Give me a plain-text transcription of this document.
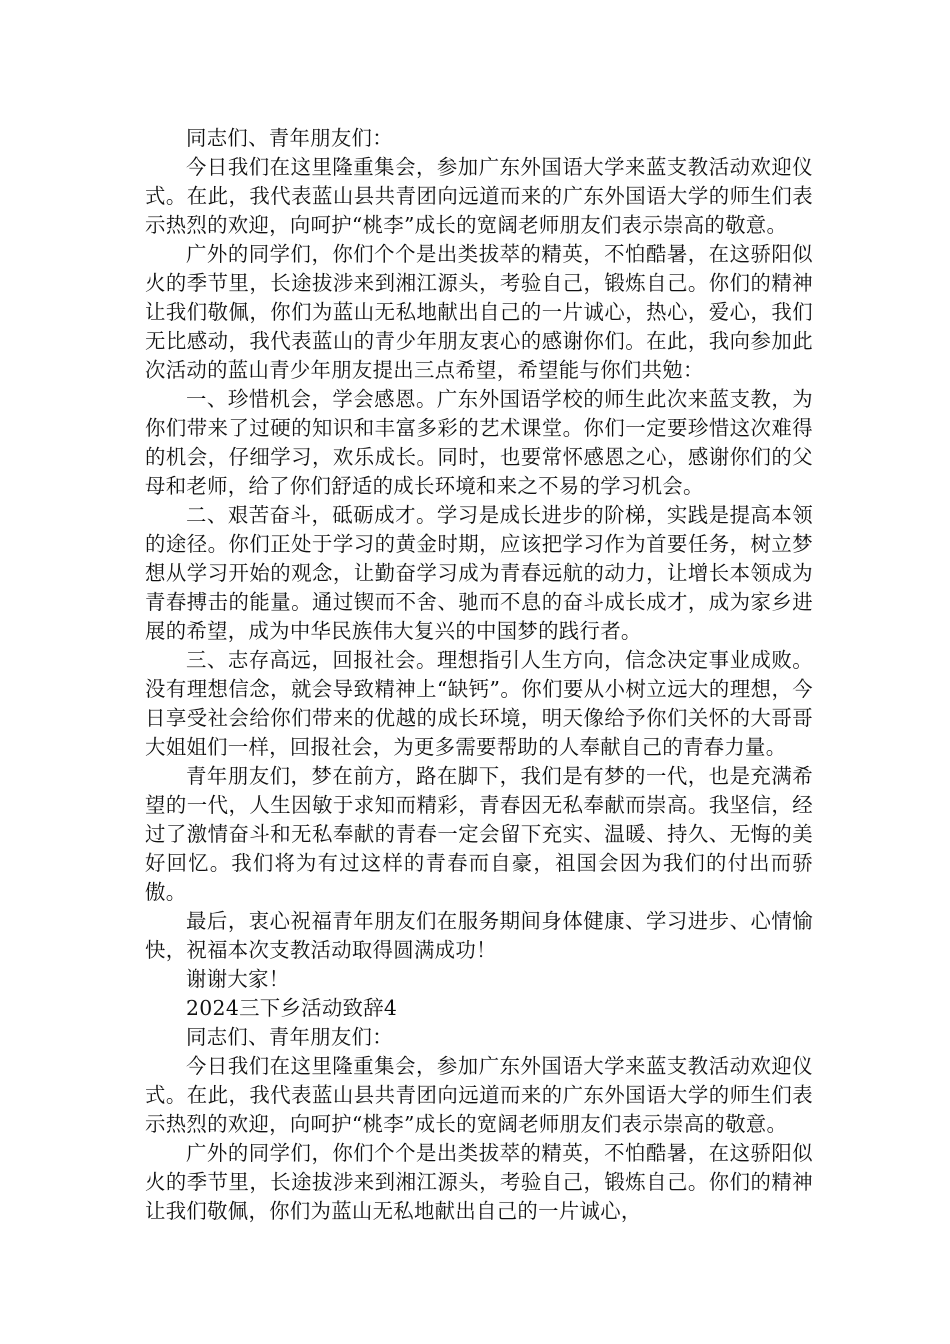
同志们、青年朋友们：

今日我们在这里隆重集会，参加广东外国语大学来蓝支教活动欢迎仪式。在此，我代表蓝山县共青团向远道而来的广东外国语大学的师生们表示热烈的欢迎，向呵护“桃李”成长的宽阔老师朋友们表示崇高的敬意。

广外的同学们，你们个个是出类拔萃的精英，不怕酷暑，在这骄阳似火的季节里，长途拔涉来到湘江源头，考验自己，锻炼自己。你们的精神让我们敬佩，你们为蓝山无私地献出自己的一片诚心，热心，爱心，我们无比感动，我代表蓝山的青少年朋友衷心的感谢你们。在此，我向参加此次活动的蓝山青少年朋友提出三点希望，希望能与你们共勉：

一、珍惜机会，学会感恩。广东外国语学校的师生此次来蓝支教，为你们带来了过硬的知识和丰富多彩的艺术课堂。你们一定要珍惜这次难得的机会，仔细学习，欢乐成长。同时，也要常怀感恩之心，感谢你们的父母和老师，给了你们舒适的成长环境和来之不易的学习机会。

二、艰苦奋斗，砥砺成才。学习是成长进步的阶梯，实践是提高本领的途径。你们正处于学习的黄金时期，应该把学习作为首要任务，树立梦想从学习开始的观念，让勤奋学习成为青春远航的动力，让增长本领成为青春搏击的能量。通过锲而不舍、驰而不息的奋斗成长成才，成为家乡进展的希望，成为中华民族伟大复兴的中国梦的践行者。

三、志存高远，回报社会。理想指引人生方向，信念决定事业成败。没有理想信念，就会导致精神上“缺钙”。你们要从小树立远大的理想，今日享受社会给你们带来的优越的成长环境，明天像给予你们关怀的大哥哥大姐姐们一样，回报社会，为更多需要帮助的人奉献自己的青春力量。

青年朋友们，梦在前方，路在脚下，我们是有梦的一代，也是充满希望的一代，人生因敏于求知而精彩，青春因无私奉献而崇高。我坚信，经过了激情奋斗和无私奉献的青春一定会留下充实、温暖、持久、无悔的美好回忆。我们将为有过这样的青春而自豪，祖国会因为我们的付出而骄傲。

最后，衷心祝福青年朋友们在服务期间身体健康、学习进步、心情愉快，祝福本次支教活动取得圆满成功！

谢谢大家！

2024三下乡活动致辞4

同志们、青年朋友们：

今日我们在这里隆重集会，参加广东外国语大学来蓝支教活动欢迎仪式。在此，我代表蓝山县共青团向远道而来的广东外国语大学的师生们表示热烈的欢迎，向呵护“桃李”成长的宽阔老师朋友们表示崇高的敬意。

广外的同学们，你们个个是出类拔萃的精英，不怕酷暑，在这骄阳似火的季节里，长途拔涉来到湘江源头，考验自己，锻炼自己。你们的精神让我们敬佩，你们为蓝山无私地献出自己的一片诚心，
